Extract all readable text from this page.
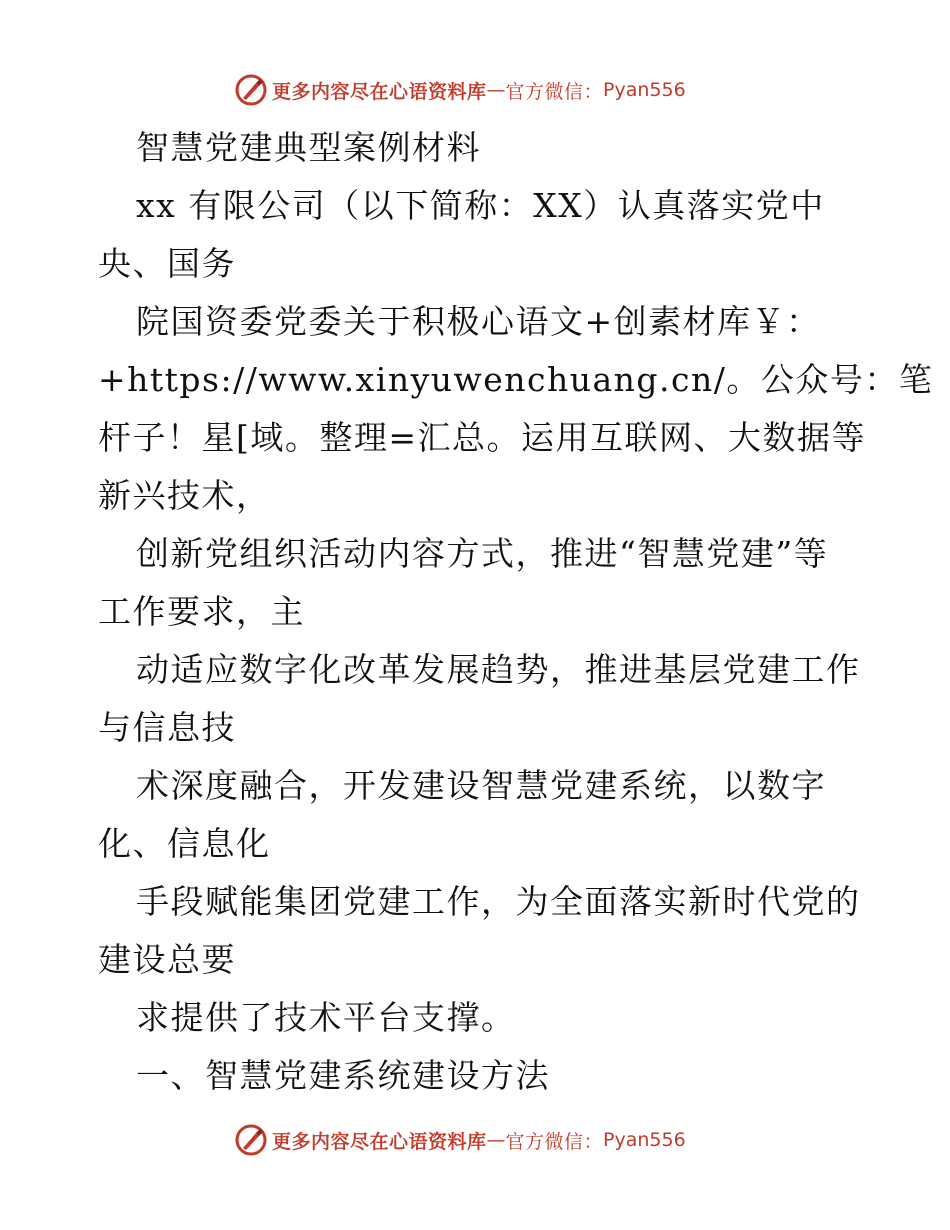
更多内容尽在心语资料库 — 官方微信： Pyan556
智慧党建典型案例材料
xx 有限公司（以下简称：XX）认真落实党中
央、国务
院国资委党委关于积极心语文+创素材库￥：
+https://www.xinyuwenchuang.cn/。公众号：笔
杆子！星[域。整理=汇总。运用互联网、大数据等
新兴技术，
创新党组织活动内容方式，推进“智慧党建”等
工作要求，主
动适应数字化改革发展趋势，推进基层党建工作
与信息技
术深度融合，开发建设智慧党建系统，以数字
化、信息化
手段赋能集团党建工作，为全面落实新时代党的
建设总要
求提供了技术平台支撑。
一、智慧党建系统建设方法
更多内容尽在心语资料库 — 官方微信： Pyan556
